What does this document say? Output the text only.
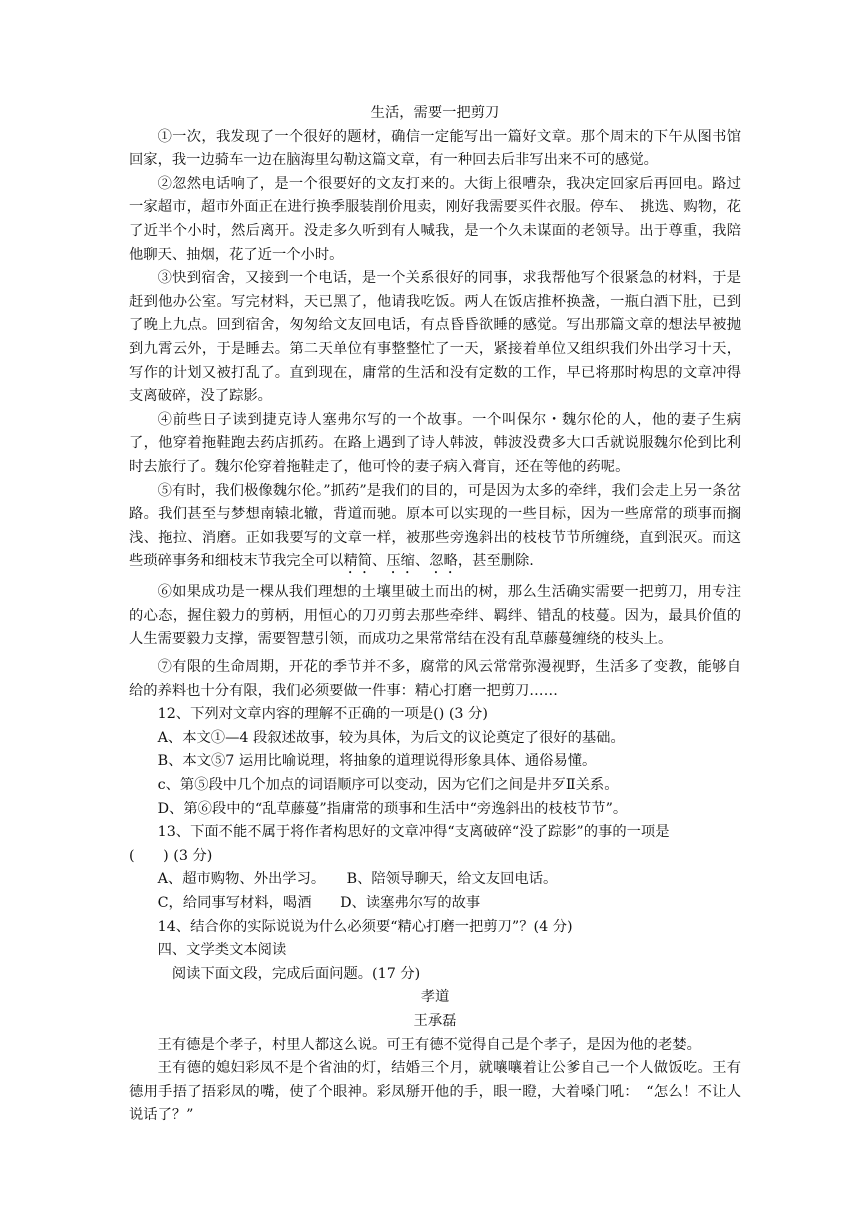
生活，需要一把剪刀

①一次，我发现了一个很好的题材，确信一定能写出一篇好文章。那个周末的下午从图书馆回家，我一边骑车一边在脑海里勾勒这篇文章，有一种回去后非写出来不可的感觉。

②忽然电话响了，是一个很要好的文友打来的。大街上很嘈杂，我决定回家后再回电。路过一家超市，超市外面正在进行换季服装削价甩卖，刚好我需要买件衣服。停车、　挑选、购物，花了近半个小时，然后离开。没走多久听到有人喊我，是一个久未谋面的老领导。出于尊重，我陪他聊天、抽烟，花了近一个小时。

③快到宿舍，又接到一个电话，是一个关系很好的同事，求我帮他写个很紧急的材料，于是赶到他办公室。写完材料，天已黑了，他请我吃饭。两人在饭店推杯换盏，一瓶白酒下肚，已到了晚上九点。回到宿舍，匆匆给文友回电话，有点昏昏欲睡的感觉。写出那篇文章的想法早被抛到九霄云外，于是睡去。第二天单位有事整整忙了一天，紧接着单位又组织我们外出学习十天，写作的计划又被打乱了。直到现在，庸常的生活和没有定数的工作，早已将那时构思的文章冲得支离破碎，没了踪影。

④前些日子读到捷克诗人塞弗尔写的一个故事。一个叫保尔・魏尔伦的人，他的妻子生病了，他穿着拖鞋跑去药店抓药。在路上遇到了诗人韩波，韩波没费多大口舌就说服魏尔伦到比利时去旅行了。魏尔伦穿着拖鞋走了，他可怜的妻子病入膏肓，还在等他的药呢。

⑤有时，我们极像魏尔伦。”抓药”是我们的目的，可是因为太多的牵绊，我们会走上另一条岔路。我们甚至与梦想南辕北辙，背道而驰。原本可以实现的一些目标，因为一些席常的琐事而搁浅、拖拉、消磨。正如我要写的文章一样，被那些旁逸斜出的枝枝节节所缠绕，直到泯灭。而这些琐碎事务和细枝末节我完全可以精简、压缩、忽略，甚至删除.

⑥如果成功是一棵从我们理想的土壤里破土而出的树，那么生活确实需要一把剪刀，用专注的心态，握住毅力的剪柄，用恒心的刀刃剪去那些牵绊、羁绊、错乱的枝蔓。因为，最具价值的人生需要毅力支撑，需要智慧引领，而成功之果常常结在没有乱草藤蔓缠绕的枝头上。

⑦有限的生命周期，开花的季节并不多，腐常的风云常常弥漫视野，生活多了变教，能够自给的养料也十分有限，我们必须要做一件事：精心打磨一把剪刀……

12、下列对文章内容的理解不正确的一项是() (3 分)

A、本文①—4 段叙述故事，较为具体，为后文的议论奠定了很好的基础。

B、本文⑤7 运用比喻说理，将抽象的道理说得形象具体、通俗易懂。

c、第⑤段中几个加点的词语顺序可以变动，因为它们之间是井歹Ⅱ关系。

D、第⑥段中的“乱草藤蔓”指庸常的琐事和生活中“旁逸斜出的枝枝节节”。

13、下面不能不属于将作者构思好的文章冲得“支离破碎“没了踪影”的事的一项是

(　　) (3 分)

A、超市购物、外出学习。　　B、陪领导聊天，给文友回电话。

C，给同事写材料，喝酒　　D、读塞弗尔写的故事

14、结合你的实际说说为什么必须要“精心打磨一把剪刀”？(4 分)

四、文学类文本阅读

阅读下面文段，完成后面问题。(17 分)

孝道

王承磊

王有德是个孝子，村里人都这么说。可王有德不觉得自己是个孝子，是因为他的老婪。

王有德的媳妇彩凤不是个省油的灯，结婚三个月，就嚷嚷着让公爹自己一个人做饭吃。王有德用手捂了捂彩凤的嘴，使了个眼神。彩凤掰开他的手，眼一瞪，大着嗓门吼：　“怎么！不让人说话了？”
